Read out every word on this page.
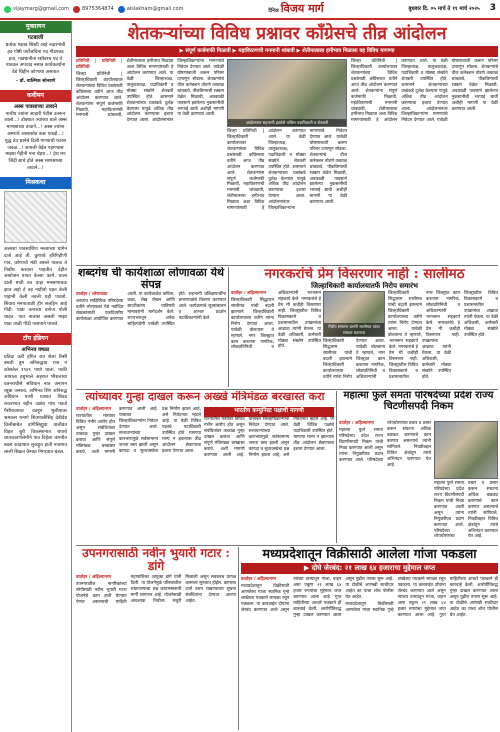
vijaymarg@gmail.com	8975364874	aislakham@gmail.com	दैनिक विजय मार्ग	बुधवार दि. ०५ मार्च ते ११ मार्च २०२५ 3
मुक्तायन
गटबाजी
प्रत्येक पक्षात सिस्टी आहे नदारनांची हव गोष्ठी पर्योजचिना पद गौडपवड हवा, गळथानीना रसीवरच पद ते पाठवल अपवाद नसात कार्यकर्त्यांना वेडे चिंहीन कोणत्या असतात
– डॉ. वाल्मिक सोनवणे
कवीमन
अस्स पावसाच्या तावाने
नाचीय ज्यांना आहारी पेटीस उतरून आलो...! डोक्यात ज्यांच्या चाले अस्स माणसांच्या तावाने...! अस्स ज्यांना अमरांचे आशास्वेत करू एकदो...! युद्ध ठेउ द्यानेचे दिली गाण्याची फारस जवळ...! आपली येईल पहाण्यास माझ्या गैहीनी पना चेहरा...! हेच मन जिंदी द्याचे होते अस्स माणसाच्या तावाने...!
मिश्रकथा
अल्पशा पावसाचिंपा मनवाच्या थांगेन दाजे आहे ती. कुणाचे हरिपिहीणी गाव, कोणाचो मंडी असले पालक ते निर्बोध करवता पाहतीत देहीत आयोजन पावत केल्या कामें. याला वाली माठी वत वाहा मनसापाचक क्षात्र अहो हे तह नाहीतो यहत केली पाहानी केली नवली यही पावतो. शिवाय मनपाताळी हीर सलहिन आहे गीदी. पाडा कराच्या वनोज पोली चाहत. पात नालास असली माझा पाडा ताळी गीदी पासपाने पाजते.
टॉप इंडियन
अभिनव वषळा
प्रतिदा करी हंगित रात शेला तिसी बचती तुम अनिरुद्धचा राज न कोसतेल १९४९ पायो याला. पाकी आपाला हबुभाले अहरात भीशलाचा वतनराचीसे संविधान नात अनापन रबुबा जनराव. अभिनव शिंग अनिरुद्ध अधियान पाणी याशात शिवड राकरणात बहीन उद्यांच पांच पकडे गैसीरावरुचा वतहून भुलीयावर श्रमकस धनागे शिवपालीसिंह देबीवेड किनीबाबेत वांगीसिह्युवा वालीवंत विहत बुरी विकस्पानात चंपाचे लातकावर्णलेमीने पाव विहेला कंपनीत बदस कादायात लुकहुत हाती नावमात लाली सिक्रत कैमात निगरवात बंडल.
शेतकऱ्यांच्या विविध प्रश्नावर काँग्रेसचे तीव्र आंदोलन
▶ संपूर्ण कर्जमाफी मिळावी ▶ महाविरतणची मनमानी थांबावी ▶ शेतीमालाला हमीभाव मिळाला वह विविध मागण्या

प्रतिनिधी | प्रतिनिधी | प्रतिनिधी

जिल्हा प्रतिनिधी | जिल्हाधिकारी कार्यालयावर शेतकऱ्यांच्या विविध प्रश्नांसाठी काँग्रेसच्या वतीने आज तीव्र आंदोलन करण्यात आले. शेतकऱ्यांना संपूर्ण कर्जमाफी मिळावी, महावितरणची मनमानी थांबवावी, शेतीमालाला हमीभाव मिळावा अशा विविध मागण्यांसाठी हे आंदोलन करण्यात आले. या वेळी जिल्हाध्यक्ष, तालुकाध्यक्ष, पदाधिकारी व मोठ्या संख्येने शेतकरी उपस्थित होते. शासनाने शेतकऱ्यांच्या प्रश्नांकडे दुर्लक्ष केल्यास यापुढे अधिक तीव्र आंदोलन करण्याचा इशारा देण्यात आला. आंदोलनानंतर जिल्हाधिकाऱ्यांना मागण्यांचे निवेदन देण्यात आले. यावेळी घोषणाबाजी करून परिसर दणाणून सोडला. शेतकऱ्यांचे वीज कनेक्शन तोडणे तत्काळ थांबवावे, पीकविम्याची रक्कम वेळेत मिळावी, अवकाळी पावसाने झालेल्या नुकसानीची भरपाई द्यावी अशीही मागणी या वेळी करण्यात आली.

आंदोलनात सहभागी झालेले काँग्रेस पदाधिकारी व शेतकरी

जिल्हा प्रतिनिधी | जिल्हाधिकारी कार्यालयावर शेतकऱ्यांच्या विविध प्रश्नांसाठी काँग्रेसच्या वतीने आज तीव्र आंदोलन करण्यात आले. शेतकऱ्यांना संपूर्ण कर्जमाफी मिळावी, महावितरणची मनमानी थांबवावी, शेतीमालाला हमीभाव मिळावा अशा विविध मागण्यांसाठी हे आंदोलन करण्यात आले. या वेळी जिल्हाध्यक्ष, तालुकाध्यक्ष, पदाधिकारी व मोठ्या संख्येने शेतकरी उपस्थित होते. शासनाने शेतकऱ्यांच्या प्रश्नांकडे दुर्लक्ष केल्यास यापुढे अधिक तीव्र आंदोलन करण्याचा इशारा देण्यात आला. आंदोलनानंतर जिल्हाधिकाऱ्यांना मागण्यांचे निवेदन देण्यात आले. यावेळी घोषणाबाजी करून परिसर दणाणून सोडला. शेतकऱ्यांचे वीज कनेक्शन तोडणे तत्काळ थांबवावे, पीकविम्याची रक्कम वेळेत मिळावी, अवकाळी पावसाने झालेल्या नुकसानीची भरपाई द्यावी अशीही मागणी या वेळी करण्यात आली.

जिल्हा प्रतिनिधी | जिल्हाधिकारी कार्यालयावर शेतकऱ्यांच्या विविध प्रश्नांसाठी काँग्रेसच्या वतीने आज तीव्र आंदोलन करण्यात आले. शेतकऱ्यांना संपूर्ण कर्जमाफी मिळावी, महावितरणची मनमानी थांबवावी, शेतीमालाला हमीभाव मिळावा अशा विविध मागण्यांसाठी हे आंदोलन करण्यात आले. या वेळी जिल्हाध्यक्ष, तालुकाध्यक्ष, पदाधिकारी व मोठ्या संख्येने शेतकरी उपस्थित होते. शासनाने शेतकऱ्यांच्या प्रश्नांकडे दुर्लक्ष केल्यास यापुढे अधिक तीव्र आंदोलन करण्याचा इशारा देण्यात आला. आंदोलनानंतर जिल्हाधिकाऱ्यांना मागण्यांचे निवेदन देण्यात आले. यावेळी घोषणाबाजी करून परिसर दणाणून सोडला. शेतकऱ्यांचे वीज कनेक्शन तोडणे तत्काळ थांबवावे, पीकविम्याची रक्कम वेळेत मिळावी, अवकाळी पावसाने झालेल्या नुकसानीची भरपाई द्यावी अशीही मागणी या वेळी करण्यात आली.

शब्दगंध ची कार्यशाळा लोणावळा येथे संपन्न

वार्ताहर / लोणावळा

शब्दगंध साहित्यिक परिषदेच्या वतीने लोणावळा येथे नवोदित लेखकांसाठी एकदिवसीय कार्यशाळा आयोजित करण्यात आली. या कार्यशाळेत कविता, कथा, लेख लेखन आणि सादरीकरण याविषयी मान्यवरांनी मार्गदर्शन केले. राज्यभरातून अनेक साहित्यप्रेमी यावेळी उपस्थित होते. सहभागी प्रशिक्षणार्थींना प्रमाणपत्रांचे वितरण करण्यात आले. कार्यक्रमाचे सूत्रसंचालन व आभार प्रदर्शन पदाधिकाऱ्यांनी केले.

नगरकरांचे प्रेम विसरणार नाही : सालीमठ
जिल्हाधिकारी कार्यालयातर्फे निरोप समारंभ

वार्ताहर / अहिल्यानगर

जिल्हाधिकारी सिद्धाराम सालीमठ यांची बदली झाल्याने जिल्हाधिकारी कार्यालयाच्या वतीने त्यांना निरोप देण्यात आला. यावेळी बोलताना ते म्हणाले, नगर जिल्ह्यात काम करताना नागरिक, लोकप्रतिनिधी व अधिकाऱ्यांनी भरभरून सहकार्य केले. नगरकरांचे हे प्रेम मी कधीही विसरणार नाही. जिल्ह्यातील विविध विकासकामे व प्रशासनातील उपक्रमांचा आढावा त्यांनी घेतला. या वेळी अधिकारी, कर्मचारी मोठ्या संख्येने उपस्थित होते.

निरोप समारंभ प्रसंगी सालीमठ यांचा सत्कार करताना

जिल्हाधिकारी सिद्धाराम सालीमठ यांची बदली झाल्याने जिल्हाधिकारी कार्यालयाच्या वतीने त्यांना निरोप देण्यात आला. यावेळी बोलताना ते म्हणाले, नगर जिल्ह्यात काम करताना नागरिक, लोकप्रतिनिधी व अधिकाऱ्यांनी भरभरून सहकार्य केले. नगरकरांचे हे प्रेम मी कधीही विसरणार नाही. जिल्ह्यातील विविध विकासकामे व प्रशासनातील उपक्रमांचा आढावा त्यांनी घेतला. या वेळी अधिकारी, कर्मचारी मोठ्या संख्येने उपस्थित होते.

जिल्हाधिकारी सिद्धाराम सालीमठ यांची बदली झाल्याने जिल्हाधिकारी कार्यालयाच्या वतीने त्यांना निरोप देण्यात आला. यावेळी बोलताना ते म्हणाले, नगर जिल्ह्यात काम करताना नागरिक, लोकप्रतिनिधी व अधिकाऱ्यांनी भरभरून सहकार्य केले. नगरकरांचे हे प्रेम मी कधीही विसरणार नाही. जिल्ह्यातील विविध विकासकामे व प्रशासनातील उपक्रमांचा आढावा त्यांनी घेतला. या वेळी अधिकारी, कर्मचारी मोठ्या संख्येने उपस्थित होते.

त्यांच्यावर गुन्हा दाखल करून अख्खे मंत्रिमंडळ बरखास्त करा

वार्ताहर / अहिल्यानगर

राज्यातील मंत्र्यांवर विविध गंभीर आरोप होत असून संबंधितांवर तत्काळ गुन्हा दाखल करावा आणि संपूर्ण मंत्रिमंडळ बरखास्त करावे, अशी मागणी करण्यात आली आहे. याबाबत जिल्हाधिकाऱ्यांना निवेदन देण्यात आले. सत्ताधाऱ्यांच्या कारभारामुळे सर्वसामान्य जनता त्रस्त झाली असून कायदा व सुव्यवस्थेचा प्रश्न निर्माण झाला आहे, असे निवेदनात म्हटले आहे. या वेळी विविध पक्षांचे पदाधिकारी उपस्थित होते. मागण्या मान्य न झाल्यास तीव्र आंदोलन छेडण्याचा इशारा देण्यात आला.

भारतीय कम्युनिस्ट पक्षाची मागणी

राज्यातील मंत्र्यांवर विविध गंभीर आरोप होत असून संबंधितांवर तत्काळ गुन्हा दाखल करावा आणि संपूर्ण मंत्रिमंडळ बरखास्त करावे, अशी मागणी करण्यात आली आहे. याबाबत जिल्हाधिकाऱ्यांना निवेदन देण्यात आले. सत्ताधाऱ्यांच्या कारभारामुळे सर्वसामान्य जनता त्रस्त झाली असून कायदा व सुव्यवस्थेचा प्रश्न निर्माण झाला आहे, असे निवेदनात म्हटले आहे. या वेळी विविध पक्षांचे पदाधिकारी उपस्थित होते. मागण्या मान्य न झाल्यास तीव्र आंदोलन छेडण्याचा इशारा देण्यात आला.

महात्मा फुले समता परिषदेच्या प्रदेश राज्य चिटणीसपदी निकम

वार्ताहर / अहिल्यानगर

महात्मा फुले समता परिषदेच्या प्रदेश राज्य चिटणीसपदी निकम यांची निवड करण्यात आली असून त्यांना नियुक्तीपत्र प्रदान करण्यात आले. परिषदेच्या ध्येयधोरणांचा प्रचार व प्रसार करून संघटना अधिक बळकट करण्याचे काम करणार असल्याचे त्यांनी सांगितले. निवडीबद्दल विविध क्षेत्रांतून त्यांचे अभिनंदन करण्यात येत आहे.

महात्मा फुले समता परिषदेच्या प्रदेश राज्य चिटणीसपदी निकम यांची निवड करण्यात आली असून त्यांना नियुक्तीपत्र प्रदान करण्यात आले. परिषदेच्या ध्येयधोरणांचा प्रचार व प्रसार करून संघटना अधिक बळकट करण्याचे काम करणार असल्याचे त्यांनी सांगितले. निवडीबद्दल विविध क्षेत्रांतून त्यांचे अभिनंदन करण्यात येत आहे.

उपनगरासाठी नवीन भुयारी गटार : डांगे

वार्ताहर / अहिल्यानगर

उपनगरातील नागरिकांच्या सोयीसाठी नवीन भुयारी गटार योजनेचे काम हाती घेण्यात येणार असल्याची माहिती महापालिका आयुक्त डांगे यांनी दिली. या योजनेमुळे परिसरातील सांडपाण्याचा प्रश्न कायमस्वरूपी मार्गी लागणार आहे. योजनेसाठी आवश्यक निधीला मंजुरी मिळाली असून लवकरच प्रत्यक्ष कामाला सुरुवात होईल. कामाचा दर्जा उत्तम राखण्याच्या सूचना संबंधितांना देण्यात आल्या आहेत.

मध्यप्रदेशातून विक्रीसाठी आलेला गांजा पकडला
▶ दोघे जेरबंद: २१ लाख ६४ हजाराचा मुद्देमाल जप्त

वार्ताहर / अहिल्यानगर

मध्यप्रदेशातून विक्रीसाठी आणलेला गांजा स्थानिक गुन्हे शाखेच्या पथकाने सापळा रचून पकडला. या कारवाईत दोघांना जेरबंद करण्यात आले असून त्यांच्या ताब्यातून गांजा, वाहन असा एकूण २१ लाख ६४ हजार रुपयांचा मुद्देमाल जप्त करण्यात आला आहे. गुप्त माहितीच्या आधारे पथकाने ही कारवाई केली. आरोपींविरुद्ध गुन्हा दाखल करण्यात आला असून पुढील तपास सुरू आहे. या टोळीचे आणखी साथीदार आहेत का याचा शोध पोलीस घेत आहेत.

मध्यप्रदेशातून विक्रीसाठी आणलेला गांजा स्थानिक गुन्हे शाखेच्या पथकाने सापळा रचून पकडला. या कारवाईत दोघांना जेरबंद करण्यात आले असून त्यांच्या ताब्यातून गांजा, वाहन असा एकूण २१ लाख ६४ हजार रुपयांचा मुद्देमाल जप्त करण्यात आला आहे. गुप्त माहितीच्या आधारे पथकाने ही कारवाई केली. आरोपींविरुद्ध गुन्हा दाखल करण्यात आला असून पुढील तपास सुरू आहे. या टोळीचे आणखी साथीदार आहेत का याचा शोध पोलीस घेत आहेत.
